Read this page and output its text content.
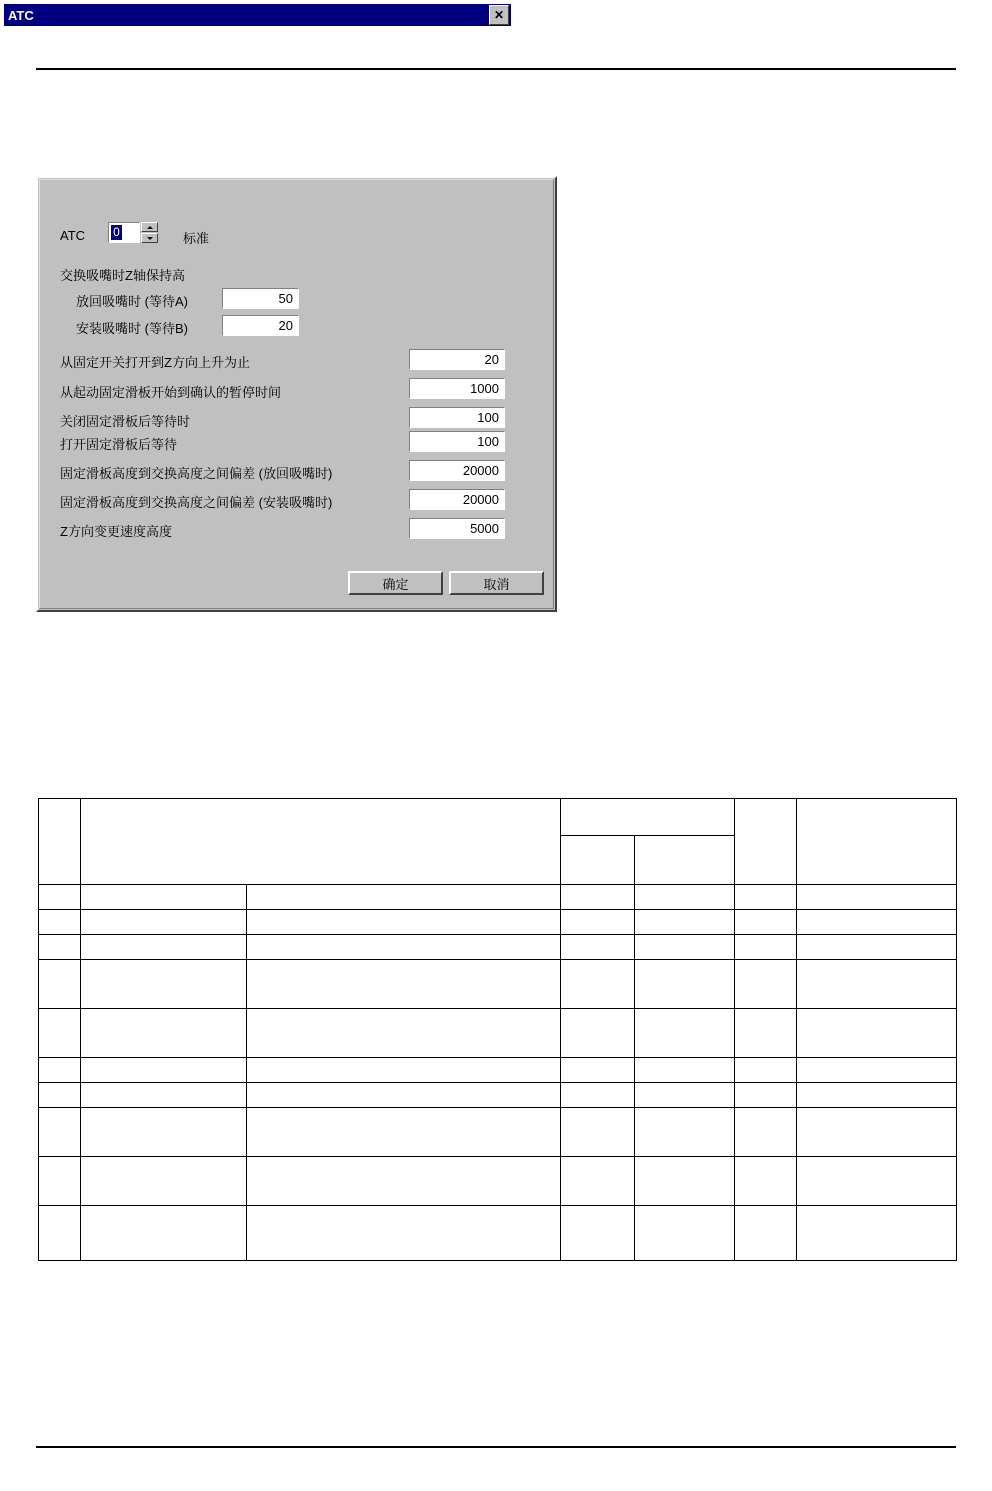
ATC	✕
ATC 0	标准
交换吸嘴时Z轴保持高
放回吸嘴时 (等待A)	50
安装吸嘴时 (等待B)	20
从固定开关打开到Z方向上升为止	20
从起动固定滑板开始到确认的暂停时间	1000
关闭固定滑板后等待时	100
打开固定滑板后等待	100
固定滑板高度到交换高度之间偏差 (放回吸嘴时)	20000
固定滑板高度到交换高度之间偏差 (安装吸嘴时)	20000
Z方向变更速度高度	5000
确定	取消
